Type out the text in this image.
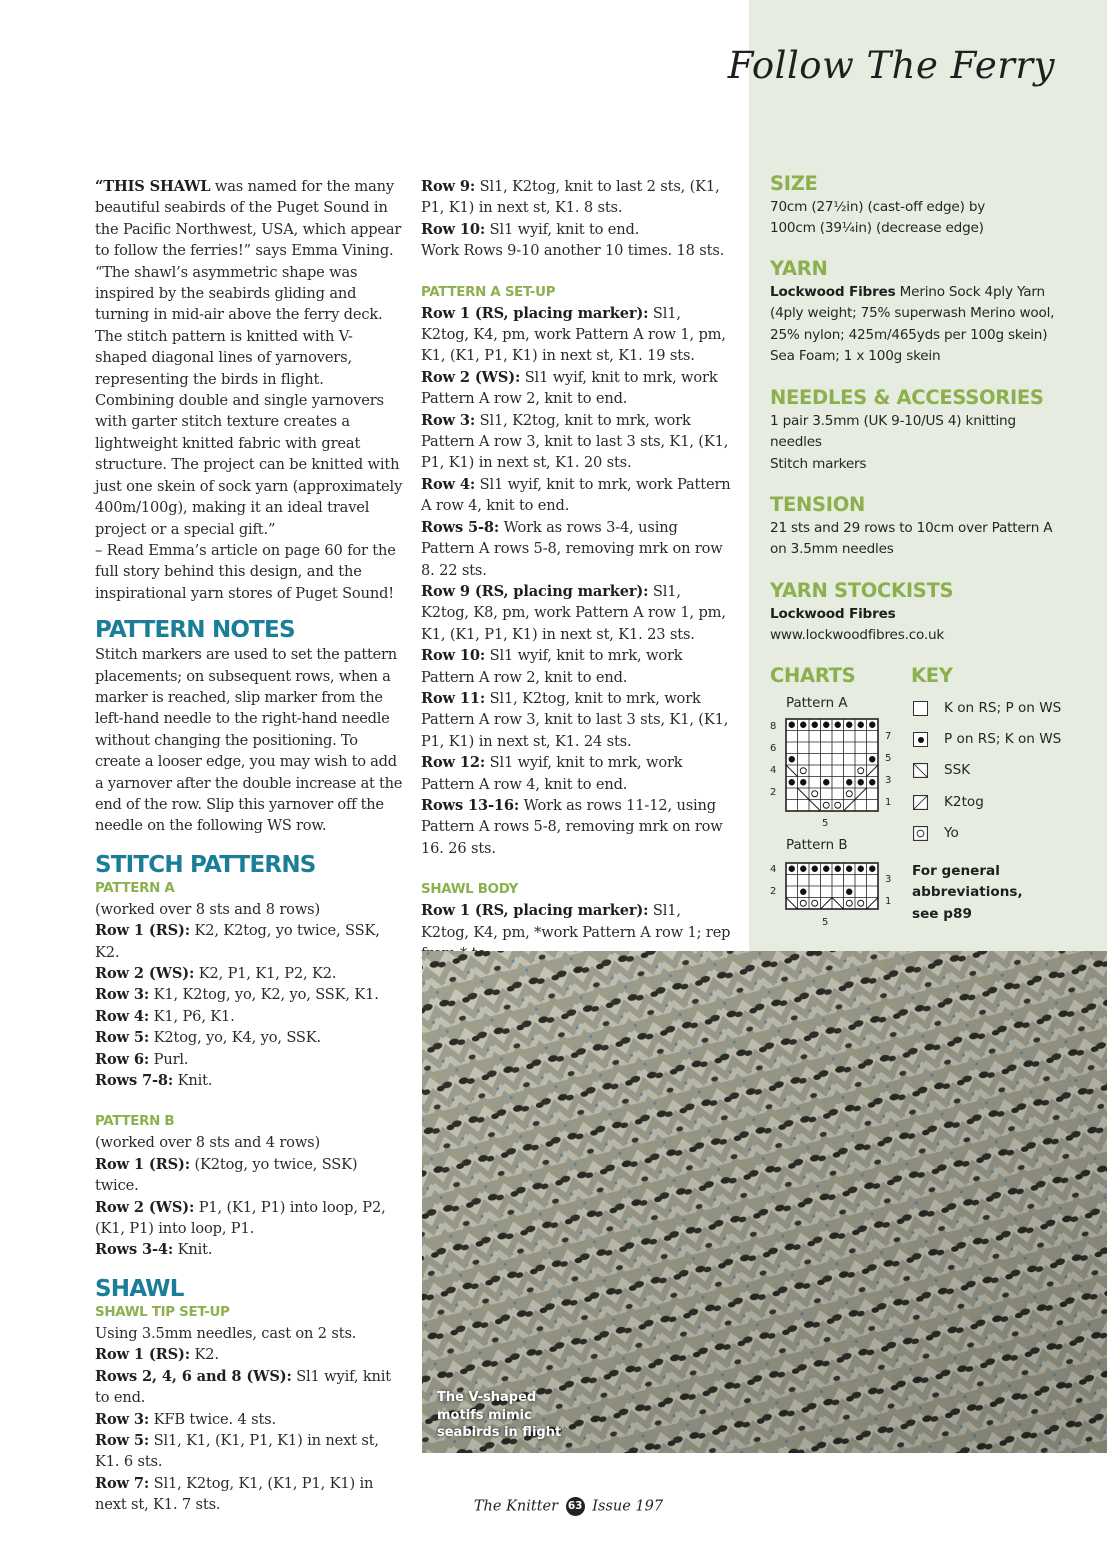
Follow The Ferry

“THIS SHAWL was named for the many beautiful seabirds of the Puget Sound in the Pacific Northwest, USA, which appear to follow the ferries!” says Emma Vining. “The shawl’s asymmetric shape was inspired by the seabirds gliding and turning in mid-air above the ferry deck. The stitch pattern is knitted with V-shaped diagonal lines of yarnovers, representing the birds in flight. Combining double and single yarnovers with garter stitch texture creates a lightweight knitted fabric with great structure. The project can be knitted with just one skein of sock yarn (approximately 400m/100g), making it an ideal travel project or a special gift.”

– Read Emma’s article on page 60 for the full story behind this design, and the inspirational yarn stores of Puget Sound!

PATTERN NOTES

Stitch markers are used to set the pattern placements; on subsequent rows, when a marker is reached, slip marker from the left-hand needle to the right-hand needle without changing the positioning. To create a looser edge, you may wish to add a yarnover after the double increase at the end of the row. Slip this yarnover off the needle on the following WS row.

STITCH PATTERNS
PATTERN A

(worked over 8 sts and 8 rows)

Row 1 (RS): K2, K2tog, yo twice, SSK, K2.

Row 2 (WS): K2, P1, K1, P2, K2.

Row 3: K1, K2tog, yo, K2, yo, SSK, K1.

Row 4: K1, P6, K1.

Row 5: K2tog, yo, K4, yo, SSK.

Row 6: Purl.

Rows 7-8: Knit.

PATTERN B

(worked over 8 sts and 4 rows)

Row 1 (RS): (K2tog, yo twice, SSK) twice.

Row 2 (WS): P1, (K1, P1) into loop, P2, (K1, P1) into loop, P1.

Rows 3-4: Knit.

SHAWL
SHAWL TIP SET-UP

Using 3.5mm needles, cast on 2 sts.

Row 1 (RS): K2.

Rows 2, 4, 6 and 8 (WS): Sl1 wyif, knit to end.

Row 3: KFB twice. 4 sts.

Row 5: Sl1, K1, (K1, P1, K1) in next st, K1. 6 sts.

Row 7: Sl1, K2tog, K1, (K1, P1, K1) in next st, K1. 7 sts.

Row 9: Sl1, K2tog, knit to last 2 sts, (K1, P1, K1) in next st, K1. 8 sts.

Row 10: Sl1 wyif, knit to end.

Work Rows 9-10 another 10 times. 18 sts.

PATTERN A SET-UP

Row 1 (RS, placing marker): Sl1, K2tog, K4, pm, work Pattern A row 1, pm, K1, (K1, P1, K1) in next st, K1. 19 sts.

Row 2 (WS): Sl1 wyif, knit to mrk, work Pattern A row 2, knit to end.

Row 3: Sl1, K2tog, knit to mrk, work Pattern A row 3, knit to last 3 sts, K1, (K1, P1, K1) in next st, K1. 20 sts.

Row 4: Sl1 wyif, knit to mrk, work Pattern A row 4, knit to end.

Rows 5-8: Work as rows 3-4, using Pattern A rows 5-8, removing mrk on row 8. 22 sts.

Row 9 (RS, placing marker): Sl1, K2tog, K8, pm, work Pattern A row 1, pm, K1, (K1, P1, K1) in next st, K1. 23 sts.

Row 10: Sl1 wyif, knit to mrk, work Pattern A row 2, knit to end.

Row 11: Sl1, K2tog, knit to mrk, work Pattern A row 3, knit to last 3 sts, K1, (K1, P1, K1) in next st, K1. 24 sts.

Row 12: Sl1 wyif, knit to mrk, work Pattern A row 4, knit to end.

Rows 13-16: Work as rows 11-12, using Pattern A rows 5-8, removing mrk on row 16. 26 sts.

SHAWL BODY

Row 1 (RS, placing marker): Sl1, K2tog, K4, pm, *work Pattern A row 1; rep

SIZE
70cm (27½in) (cast-off edge) by 100cm (39¼in) (decrease edge)
YARN
Lockwood Fibres Merino Sock 4ply Yarn (4ply weight; 75% superwash Merino wool, 25% nylon; 425m/465yds per 100g skein) Sea Foam; 1 x 100g skein
NEEDLES & ACCESSORIES
1 pair 3.5mm (UK 9-10/US 4) knitting needles
Stitch markers
TENSION
21 sts and 29 rows to 10cm over Pattern A on 3.5mm needles
YARN STOCKISTS
Lockwood Fibres
www.lockwoodfibres.co.uk
CHARTS
Pattern A
8
6
4
2
7
5
3
1
5
Pattern B
4
2
3
1
5
KEY
K on RS; P on WS
P on RS; K on WS
SSK
K2tog
Yo
For general
abbreviations,
see p89
The V-shaped
motifs mimic
seabirds in flight
The Knitter 63 Issue 197
